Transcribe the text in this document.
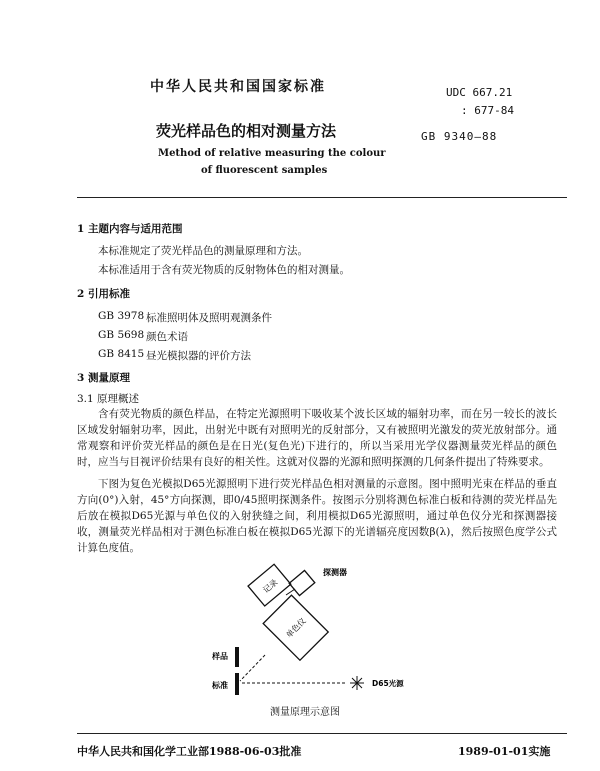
中华人民共和国国家标准	UDC 667.21
: 677-84
荧光样品色的相对测量方法	GB 9340—88
Method of relative measuring the colour
of fluorescent samples
1 主题内容与适用范围
本标准规定了荧光样品色的测量原理和方法。
本标准适用于含有荧光物质的反射物体色的相对测量。
2 引用标准
GB 3978 标准照明体及照明观测条件
GB 5698 颜色术语
GB 8415 昼光模拟器的评价方法
3 测量原理
3.1 原理概述
含有荧光物质的颜色样品，在特定光源照明下吸收某个波长区域的辐射功率，而在另一较长的波长区域发射辐射功率，因此，出射光中既有对照明光的反射部分，又有被照明光激发的荧光放射部分。通常观察和评价荧光样品的颜色是在日光(复色光)下进行的，所以当采用光学仪器测量荧光样品的颜色时，应当与目视评价结果有良好的相关性。这就对仪器的光源和照明探测的几何条件提出了特殊要求。
下图为复色光模拟D65光源照明下进行荧光样品色相对测量的示意图。图中照明光束在样品的垂直方向(0°)入射，45°方向探测，即0/45照明探测条件。按图示分别将测色标准白板和待测的荧光样品先后放在模拟D65光源与单色仪的入射狭缝之间，利用模拟D65光源照明，通过单色仪分光和探测器接收，测量荧光样品相对于测色标准白板在模拟D65光源下的光谱辐亮度因数β(λ)，然后按照色度学公式计算色度值。
记录
探测器
单色仪
样品
标准	D65光源
测量原理示意图
中华人民共和国化学工业部1988-06-03批准	1989-01-01实施
